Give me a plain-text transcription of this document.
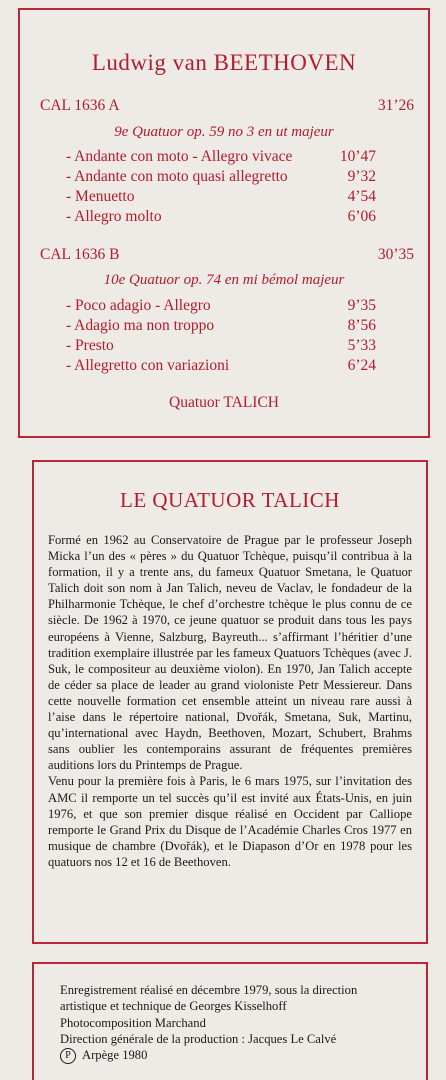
Ludwig van BEETHOVEN
CAL 1636 A	31’26
9e Quatuor op. 59 no 3 en ut majeur
- Andante con moto - Allegro vivace	10’47
- Andante con moto quasi allegretto	9’32
- Menuetto	4’54
- Allegro molto	6’06
CAL 1636 B	30’35
10e Quatuor op. 74 en mi bémol majeur
- Poco adagio - Allegro	9’35
- Adagio ma non troppo	8’56
- Presto	5’33
- Allegretto con variazioni	6’24
Quatuor TALICH
LE QUATUOR TALICH

Formé en 1962 au Conservatoire de Prague par le professeur Joseph Micka l’un des « pères » du Quatuor Tchèque, puisqu’il contribua à la formation, il y a trente ans, du fameux Quatuor Smetana, le Quatuor Talich doit son nom à Jan Talich, neveu de Vaclav, le fondadeur de la Philharmonie Tchèque, le chef d’orchestre tchèque le plus connu de ce siècle. De 1962 à 1970, ce jeune quatuor se produit dans tous les pays européens à Vienne, Salzburg, Bayreuth... s’affirmant l’héritier d’une tradition exemplaire illustrée par les fameux Quatuors Tchèques (avec J. Suk, le compositeur au deuxième violon). En 1970, Jan Talich accepte de céder sa place de leader au grand violoniste Petr Messiereur. Dans cette nouvelle formation cet ensemble atteint un niveau rare aussi à l’aise dans le répertoire national, Dvořák, Smetana, Suk, Martinu, qu’international avec Haydn, Beethoven, Mozart, Schubert, Brahms sans oublier les contemporains assurant de fréquentes premières auditions lors du Printemps de Prague.

Venu pour la première fois à Paris, le 6 mars 1975, sur l’invitation des AMC il remporte un tel succès qu’il est invité aux États-Unis, en juin 1976, et que son premier disque réalisé en Occident par Calliope remporte le Grand Prix du Disque de l’Académie Charles Cros 1977 en musique de chambre (Dvořák), et le Diapason d’Or en 1978 pour les quatuors nos 12 et 16 de Beethoven.

Enregistrement réalisé en décembre 1979, sous la direction
artistique et technique de Georges Kisselhoff
Photocomposition Marchand
Direction générale de la production : Jacques Le Calvé
P Arpège 1980
